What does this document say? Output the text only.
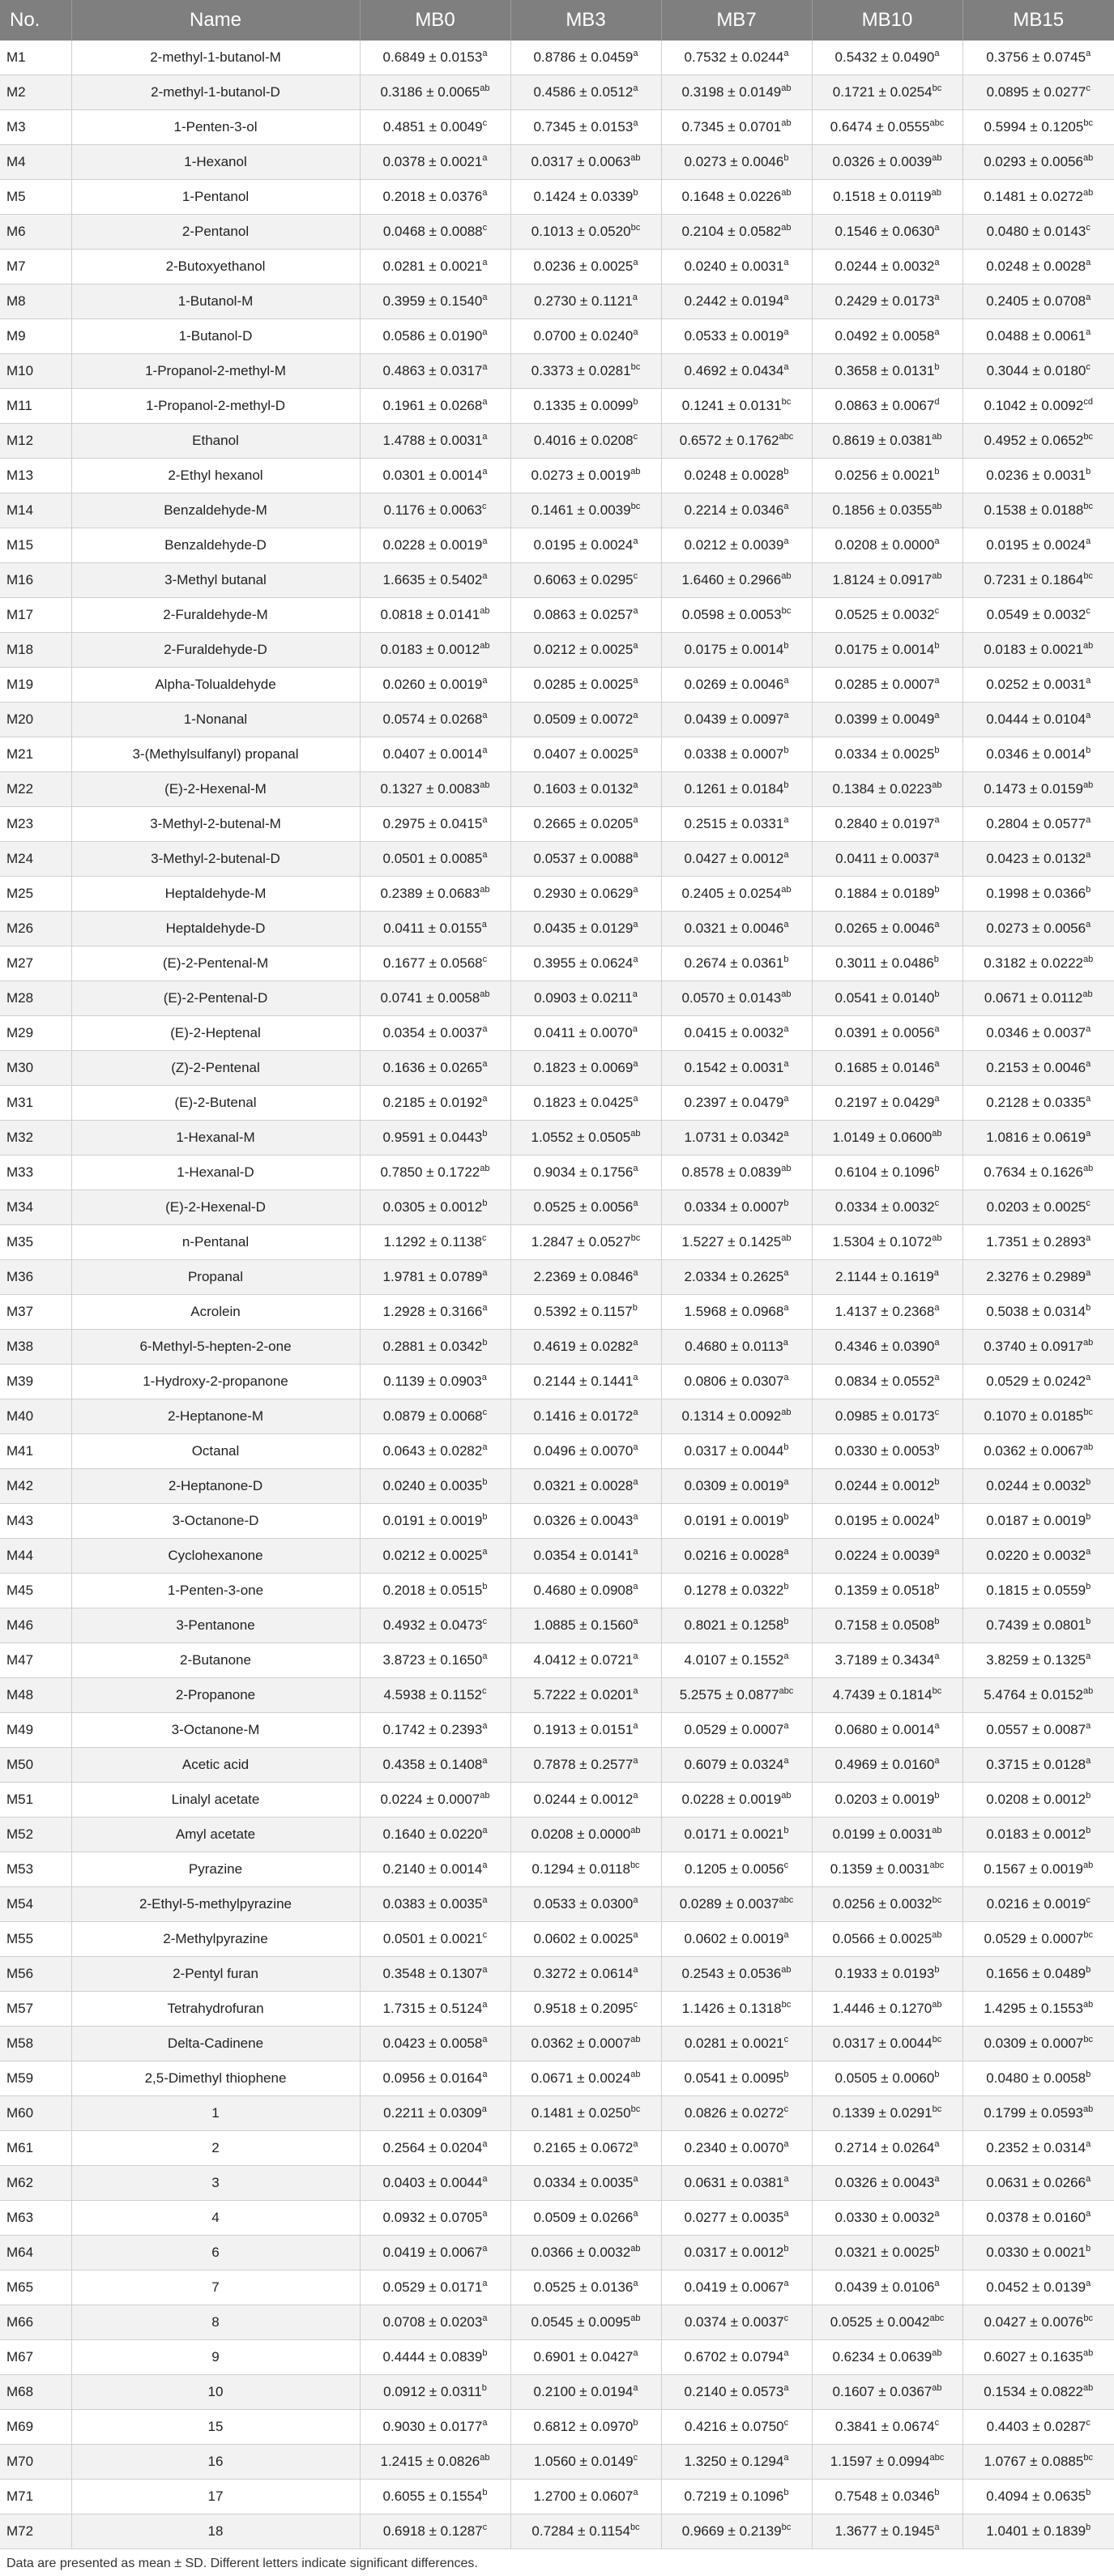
No.	Name	MB0	MB3	MB7	MB10	MB15
M1	2-methyl-1-butanol-M	0.6849 ± 0.0153$^a$	0.8786 ± 0.0459$^a$	0.7532 ± 0.0244$^a$	0.5432 ± 0.0490$^a$	0.3756 ± 0.0745$^a$
M2	2-methyl-1-butanol-D	0.3186 ± 0.0065$^{ab}$	0.4586 ± 0.0512$^a$	0.3198 ± 0.0149$^{ab}$	0.1721 ± 0.0254$^{bc}$	0.0895 ± 0.0277$^c$
M3	1-Penten-3-ol	0.4851 ± 0.0049$^c$	0.7345 ± 0.0153$^a$	0.7345 ± 0.0701$^{ab}$	0.6474 ± 0.0555$^{abc}$	0.5994 ± 0.1205$^{bc}$
M4	1-Hexanol	0.0378 ± 0.0021$^a$	0.0317 ± 0.0063$^{ab}$	0.0273 ± 0.0046$^b$	0.0326 ± 0.0039$^{ab}$	0.0293 ± 0.0056$^{ab}$
M5	1-Pentanol	0.2018 ± 0.0376$^a$	0.1424 ± 0.0339$^b$	0.1648 ± 0.0226$^{ab}$	0.1518 ± 0.0119$^{ab}$	0.1481 ± 0.0272$^{ab}$
M6	2-Pentanol	0.0468 ± 0.0088$^c$	0.1013 ± 0.0520$^{bc}$	0.2104 ± 0.0582$^{ab}$	0.1546 ± 0.0630$^a$	0.0480 ± 0.0143$^c$
M7	2-Butoxyethanol	0.0281 ± 0.0021$^a$	0.0236 ± 0.0025$^a$	0.0240 ± 0.0031$^a$	0.0244 ± 0.0032$^a$	0.0248 ± 0.0028$^a$
M8	1-Butanol-M	0.3959 ± 0.1540$^a$	0.2730 ± 0.1121$^a$	0.2442 ± 0.0194$^a$	0.2429 ± 0.0173$^a$	0.2405 ± 0.0708$^a$
M9	1-Butanol-D	0.0586 ± 0.0190$^a$	0.0700 ± 0.0240$^a$	0.0533 ± 0.0019$^a$	0.0492 ± 0.0058$^a$	0.0488 ± 0.0061$^a$
M10	1-Propanol-2-methyl-M	0.4863 ± 0.0317$^a$	0.3373 ± 0.0281$^{bc}$	0.4692 ± 0.0434$^a$	0.3658 ± 0.0131$^b$	0.3044 ± 0.0180$^c$
M11	1-Propanol-2-methyl-D	0.1961 ± 0.0268$^a$	0.1335 ± 0.0099$^b$	0.1241 ± 0.0131$^{bc}$	0.0863 ± 0.0067$^d$	0.1042 ± 0.0092$^{cd}$
M12	Ethanol	1.4788 ± 0.0031$^a$	0.4016 ± 0.0208$^c$	0.6572 ± 0.1762$^{abc}$	0.8619 ± 0.0381$^{ab}$	0.4952 ± 0.0652$^{bc}$
M13	2-Ethyl hexanol	0.0301 ± 0.0014$^a$	0.0273 ± 0.0019$^{ab}$	0.0248 ± 0.0028$^b$	0.0256 ± 0.0021$^b$	0.0236 ± 0.0031$^b$
M14	Benzaldehyde-M	0.1176 ± 0.0063$^c$	0.1461 ± 0.0039$^{bc}$	0.2214 ± 0.0346$^a$	0.1856 ± 0.0355$^{ab}$	0.1538 ± 0.0188$^{bc}$
M15	Benzaldehyde-D	0.0228 ± 0.0019$^a$	0.0195 ± 0.0024$^a$	0.0212 ± 0.0039$^a$	0.0208 ± 0.0000$^a$	0.0195 ± 0.0024$^a$
M16	3-Methyl butanal	1.6635 ± 0.5402$^a$	0.6063 ± 0.0295$^c$	1.6460 ± 0.2966$^{ab}$	1.8124 ± 0.0917$^{ab}$	0.7231 ± 0.1864$^{bc}$
M17	2-Furaldehyde-M	0.0818 ± 0.0141$^{ab}$	0.0863 ± 0.0257$^a$	0.0598 ± 0.0053$^{bc}$	0.0525 ± 0.0032$^c$	0.0549 ± 0.0032$^c$
M18	2-Furaldehyde-D	0.0183 ± 0.0012$^{ab}$	0.0212 ± 0.0025$^a$	0.0175 ± 0.0014$^b$	0.0175 ± 0.0014$^b$	0.0183 ± 0.0021$^{ab}$
M19	Alpha-Tolualdehyde	0.0260 ± 0.0019$^a$	0.0285 ± 0.0025$^a$	0.0269 ± 0.0046$^a$	0.0285 ± 0.0007$^a$	0.0252 ± 0.0031$^a$
M20	1-Nonanal	0.0574 ± 0.0268$^a$	0.0509 ± 0.0072$^a$	0.0439 ± 0.0097$^a$	0.0399 ± 0.0049$^a$	0.0444 ± 0.0104$^a$
M21	3-(Methylsulfanyl) propanal	0.0407 ± 0.0014$^a$	0.0407 ± 0.0025$^a$	0.0338 ± 0.0007$^b$	0.0334 ± 0.0025$^b$	0.0346 ± 0.0014$^b$
M22	(E)-2-Hexenal-M	0.1327 ± 0.0083$^{ab}$	0.1603 ± 0.0132$^a$	0.1261 ± 0.0184$^b$	0.1384 ± 0.0223$^{ab}$	0.1473 ± 0.0159$^{ab}$
M23	3-Methyl-2-butenal-M	0.2975 ± 0.0415$^a$	0.2665 ± 0.0205$^a$	0.2515 ± 0.0331$^a$	0.2840 ± 0.0197$^a$	0.2804 ± 0.0577$^a$
M24	3-Methyl-2-butenal-D	0.0501 ± 0.0085$^a$	0.0537 ± 0.0088$^a$	0.0427 ± 0.0012$^a$	0.0411 ± 0.0037$^a$	0.0423 ± 0.0132$^a$
M25	Heptaldehyde-M	0.2389 ± 0.0683$^{ab}$	0.2930 ± 0.0629$^a$	0.2405 ± 0.0254$^{ab}$	0.1884 ± 0.0189$^b$	0.1998 ± 0.0366$^b$
M26	Heptaldehyde-D	0.0411 ± 0.0155$^a$	0.0435 ± 0.0129$^a$	0.0321 ± 0.0046$^a$	0.0265 ± 0.0046$^a$	0.0273 ± 0.0056$^a$
M27	(E)-2-Pentenal-M	0.1677 ± 0.0568$^c$	0.3955 ± 0.0624$^a$	0.2674 ± 0.0361$^b$	0.3011 ± 0.0486$^b$	0.3182 ± 0.0222$^{ab}$
M28	(E)-2-Pentenal-D	0.0741 ± 0.0058$^{ab}$	0.0903 ± 0.0211$^a$	0.0570 ± 0.0143$^{ab}$	0.0541 ± 0.0140$^b$	0.0671 ± 0.0112$^{ab}$
M29	(E)-2-Heptenal	0.0354 ± 0.0037$^a$	0.0411 ± 0.0070$^a$	0.0415 ± 0.0032$^a$	0.0391 ± 0.0056$^a$	0.0346 ± 0.0037$^a$
M30	(Z)-2-Pentenal	0.1636 ± 0.0265$^a$	0.1823 ± 0.0069$^a$	0.1542 ± 0.0031$^a$	0.1685 ± 0.0146$^a$	0.2153 ± 0.0046$^a$
M31	(E)-2-Butenal	0.2185 ± 0.0192$^a$	0.1823 ± 0.0425$^a$	0.2397 ± 0.0479$^a$	0.2197 ± 0.0429$^a$	0.2128 ± 0.0335$^a$
M32	1-Hexanal-M	0.9591 ± 0.0443$^b$	1.0552 ± 0.0505$^{ab}$	1.0731 ± 0.0342$^a$	1.0149 ± 0.0600$^{ab}$	1.0816 ± 0.0619$^a$
M33	1-Hexanal-D	0.7850 ± 0.1722$^{ab}$	0.9034 ± 0.1756$^a$	0.8578 ± 0.0839$^{ab}$	0.6104 ± 0.1096$^b$	0.7634 ± 0.1626$^{ab}$
M34	(E)-2-Hexenal-D	0.0305 ± 0.0012$^b$	0.0525 ± 0.0056$^a$	0.0334 ± 0.0007$^b$	0.0334 ± 0.0032$^c$	0.0203 ± 0.0025$^c$
M35	n-Pentanal	1.1292 ± 0.1138$^c$	1.2847 ± 0.0527$^{bc}$	1.5227 ± 0.1425$^{ab}$	1.5304 ± 0.1072$^{ab}$	1.7351 ± 0.2893$^a$
M36	Propanal	1.9781 ± 0.0789$^a$	2.2369 ± 0.0846$^a$	2.0334 ± 0.2625$^a$	2.1144 ± 0.1619$^a$	2.3276 ± 0.2989$^a$
M37	Acrolein	1.2928 ± 0.3166$^a$	0.5392 ± 0.1157$^b$	1.5968 ± 0.0968$^a$	1.4137 ± 0.2368$^a$	0.5038 ± 0.0314$^b$
M38	6-Methyl-5-hepten-2-one	0.2881 ± 0.0342$^b$	0.4619 ± 0.0282$^a$	0.4680 ± 0.0113$^a$	0.4346 ± 0.0390$^a$	0.3740 ± 0.0917$^{ab}$
M39	1-Hydroxy-2-propanone	0.1139 ± 0.0903$^a$	0.2144 ± 0.1441$^a$	0.0806 ± 0.0307$^a$	0.0834 ± 0.0552$^a$	0.0529 ± 0.0242$^a$
M40	2-Heptanone-M	0.0879 ± 0.0068$^c$	0.1416 ± 0.0172$^a$	0.1314 ± 0.0092$^{ab}$	0.0985 ± 0.0173$^c$	0.1070 ± 0.0185$^{bc}$
M41	Octanal	0.0643 ± 0.0282$^a$	0.0496 ± 0.0070$^a$	0.0317 ± 0.0044$^b$	0.0330 ± 0.0053$^b$	0.0362 ± 0.0067$^{ab}$
M42	2-Heptanone-D	0.0240 ± 0.0035$^b$	0.0321 ± 0.0028$^a$	0.0309 ± 0.0019$^a$	0.0244 ± 0.0012$^b$	0.0244 ± 0.0032$^b$
M43	3-Octanone-D	0.0191 ± 0.0019$^b$	0.0326 ± 0.0043$^a$	0.0191 ± 0.0019$^b$	0.0195 ± 0.0024$^b$	0.0187 ± 0.0019$^b$
M44	Cyclohexanone	0.0212 ± 0.0025$^a$	0.0354 ± 0.0141$^a$	0.0216 ± 0.0028$^a$	0.0224 ± 0.0039$^a$	0.0220 ± 0.0032$^a$
M45	1-Penten-3-one	0.2018 ± 0.0515$^b$	0.4680 ± 0.0908$^a$	0.1278 ± 0.0322$^b$	0.1359 ± 0.0518$^b$	0.1815 ± 0.0559$^b$
M46	3-Pentanone	0.4932 ± 0.0473$^c$	1.0885 ± 0.1560$^a$	0.8021 ± 0.1258$^b$	0.7158 ± 0.0508$^b$	0.7439 ± 0.0801$^b$
M47	2-Butanone	3.8723 ± 0.1650$^a$	4.0412 ± 0.0721$^a$	4.0107 ± 0.1552$^a$	3.7189 ± 0.3434$^a$	3.8259 ± 0.1325$^a$
M48	2-Propanone	4.5938 ± 0.1152$^c$	5.7222 ± 0.0201$^a$	5.2575 ± 0.0877$^{abc}$	4.7439 ± 0.1814$^{bc}$	5.4764 ± 0.0152$^{ab}$
M49	3-Octanone-M	0.1742 ± 0.2393$^a$	0.1913 ± 0.0151$^a$	0.0529 ± 0.0007$^a$	0.0680 ± 0.0014$^a$	0.0557 ± 0.0087$^a$
M50	Acetic acid	0.4358 ± 0.1408$^a$	0.7878 ± 0.2577$^a$	0.6079 ± 0.0324$^a$	0.4969 ± 0.0160$^a$	0.3715 ± 0.0128$^a$
M51	Linalyl acetate	0.0224 ± 0.0007$^{ab}$	0.0244 ± 0.0012$^a$	0.0228 ± 0.0019$^{ab}$	0.0203 ± 0.0019$^b$	0.0208 ± 0.0012$^b$
M52	Amyl acetate	0.1640 ± 0.0220$^a$	0.0208 ± 0.0000$^{ab}$	0.0171 ± 0.0021$^b$	0.0199 ± 0.0031$^{ab}$	0.0183 ± 0.0012$^b$
M53	Pyrazine	0.2140 ± 0.0014$^a$	0.1294 ± 0.0118$^{bc}$	0.1205 ± 0.0056$^c$	0.1359 ± 0.0031$^{abc}$	0.1567 ± 0.0019$^{ab}$
M54	2-Ethyl-5-methylpyrazine	0.0383 ± 0.0035$^a$	0.0533 ± 0.0300$^a$	0.0289 ± 0.0037$^{abc}$	0.0256 ± 0.0032$^{bc}$	0.0216 ± 0.0019$^c$
M55	2-Methylpyrazine	0.0501 ± 0.0021$^c$	0.0602 ± 0.0025$^a$	0.0602 ± 0.0019$^a$	0.0566 ± 0.0025$^{ab}$	0.0529 ± 0.0007$^{bc}$
M56	2-Pentyl furan	0.3548 ± 0.1307$^a$	0.3272 ± 0.0614$^a$	0.2543 ± 0.0536$^{ab}$	0.1933 ± 0.0193$^b$	0.1656 ± 0.0489$^b$
M57	Tetrahydrofuran	1.7315 ± 0.5124$^a$	0.9518 ± 0.2095$^c$	1.1426 ± 0.1318$^{bc}$	1.4446 ± 0.1270$^{ab}$	1.4295 ± 0.1553$^{ab}$
M58	Delta-Cadinene	0.0423 ± 0.0058$^a$	0.0362 ± 0.0007$^{ab}$	0.0281 ± 0.0021$^c$	0.0317 ± 0.0044$^{bc}$	0.0309 ± 0.0007$^{bc}$
M59	2,5-Dimethyl thiophene	0.0956 ± 0.0164$^a$	0.0671 ± 0.0024$^{ab}$	0.0541 ± 0.0095$^b$	0.0505 ± 0.0060$^b$	0.0480 ± 0.0058$^b$
M60	1	0.2211 ± 0.0309$^a$	0.1481 ± 0.0250$^{bc}$	0.0826 ± 0.0272$^c$	0.1339 ± 0.0291$^{bc}$	0.1799 ± 0.0593$^{ab}$
M61	2	0.2564 ± 0.0204$^a$	0.2165 ± 0.0672$^a$	0.2340 ± 0.0070$^a$	0.2714 ± 0.0264$^a$	0.2352 ± 0.0314$^a$
M62	3	0.0403 ± 0.0044$^a$	0.0334 ± 0.0035$^a$	0.0631 ± 0.0381$^a$	0.0326 ± 0.0043$^a$	0.0631 ± 0.0266$^a$
M63	4	0.0932 ± 0.0705$^a$	0.0509 ± 0.0266$^a$	0.0277 ± 0.0035$^a$	0.0330 ± 0.0032$^a$	0.0378 ± 0.0160$^a$
M64	6	0.0419 ± 0.0067$^a$	0.0366 ± 0.0032$^{ab}$	0.0317 ± 0.0012$^b$	0.0321 ± 0.0025$^b$	0.0330 ± 0.0021$^b$
M65	7	0.0529 ± 0.0171$^a$	0.0525 ± 0.0136$^a$	0.0419 ± 0.0067$^a$	0.0439 ± 0.0106$^a$	0.0452 ± 0.0139$^a$
M66	8	0.0708 ± 0.0203$^a$	0.0545 ± 0.0095$^{ab}$	0.0374 ± 0.0037$^c$	0.0525 ± 0.0042$^{abc}$	0.0427 ± 0.0076$^{bc}$
M67	9	0.4444 ± 0.0839$^b$	0.6901 ± 0.0427$^a$	0.6702 ± 0.0794$^a$	0.6234 ± 0.0639$^{ab}$	0.6027 ± 0.1635$^{ab}$
M68	10	0.0912 ± 0.0311$^b$	0.2100 ± 0.0194$^a$	0.2140 ± 0.0573$^a$	0.1607 ± 0.0367$^{ab}$	0.1534 ± 0.0822$^{ab}$
M69	15	0.9030 ± 0.0177$^a$	0.6812 ± 0.0970$^b$	0.4216 ± 0.0750$^c$	0.3841 ± 0.0674$^c$	0.4403 ± 0.0287$^c$
M70	16	1.2415 ± 0.0826$^{ab}$	1.0560 ± 0.0149$^c$	1.3250 ± 0.1294$^a$	1.1597 ± 0.0994$^{abc}$	1.0767 ± 0.0885$^{bc}$
M71	17	0.6055 ± 0.1554$^b$	1.2700 ± 0.0607$^a$	0.7219 ± 0.1096$^b$	0.7548 ± 0.0346$^b$	0.4094 ± 0.0635$^b$
M72	18	0.6918 ± 0.1287$^c$	0.7284 ± 0.1154$^{bc}$	0.9669 ± 0.2139$^{bc}$	1.3677 ± 0.1945$^a$	1.0401 ± 0.1839$^b$
Data are presented as mean ± SD. Different letters indicate significant differences.
